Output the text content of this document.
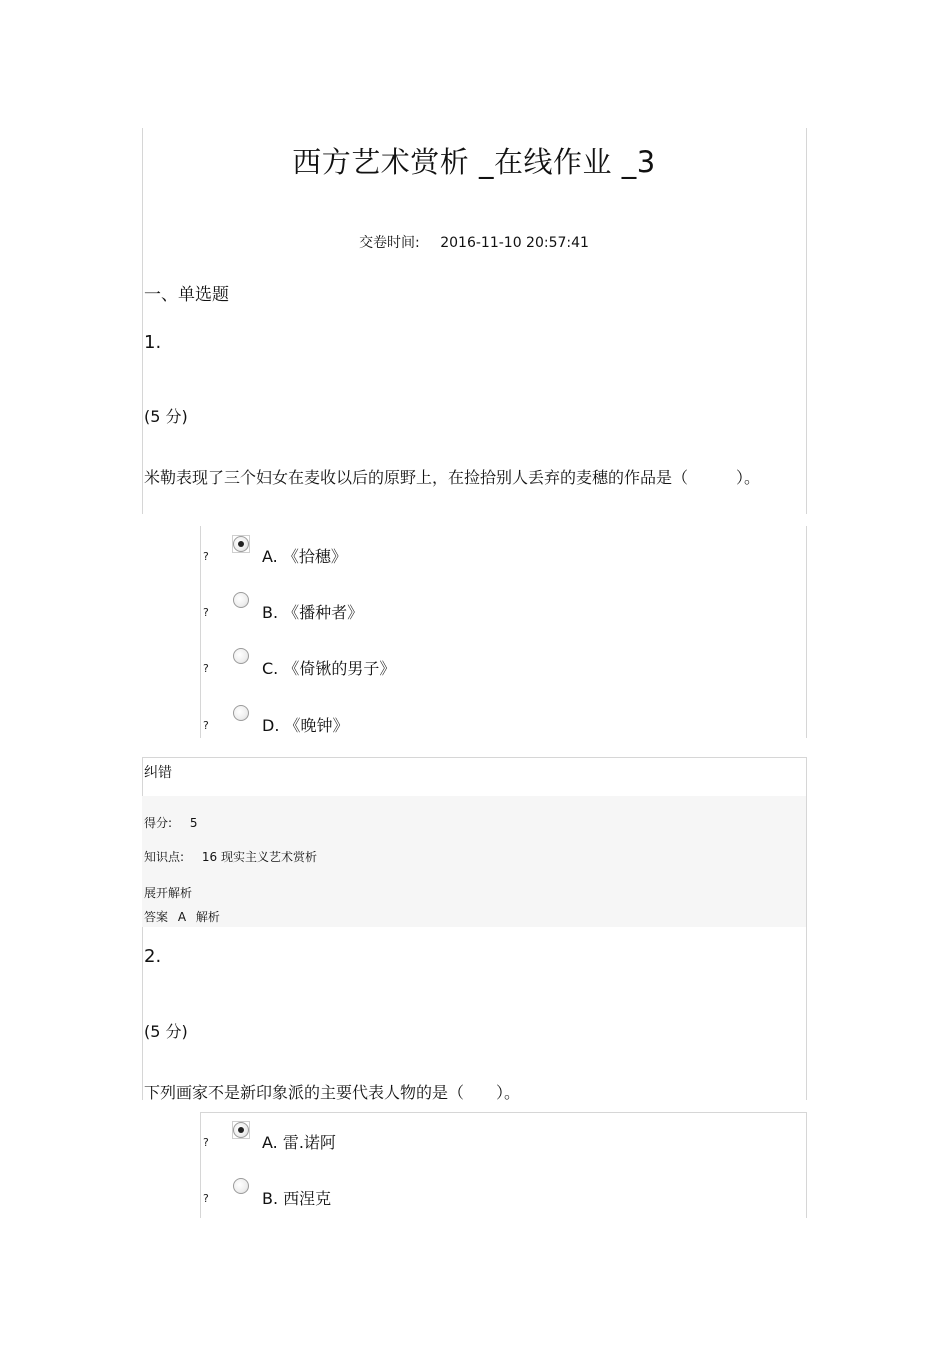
西方艺术赏析 _在线作业 _3
交卷时间: 2016-11-10 20:57:41
一、单选题
1.
(5 分)
米勒表现了三个妇女在麦收以后的原野上，在捡拾别人丢弃的麦穗的作品是（　　　）。
?	A. 《拾穗》
?	B. 《播种者》
?	C. 《倚锹的男子》
?	D. 《晚钟》
纠错
得分: 5
知识点: 16 现实主义艺术赏析
展开解析
答案 A 解析
2.
(5 分)
下列画家不是新印象派的主要代表人物的是（　　）。
?	A. 雷.诺阿
?	B. 西涅克
